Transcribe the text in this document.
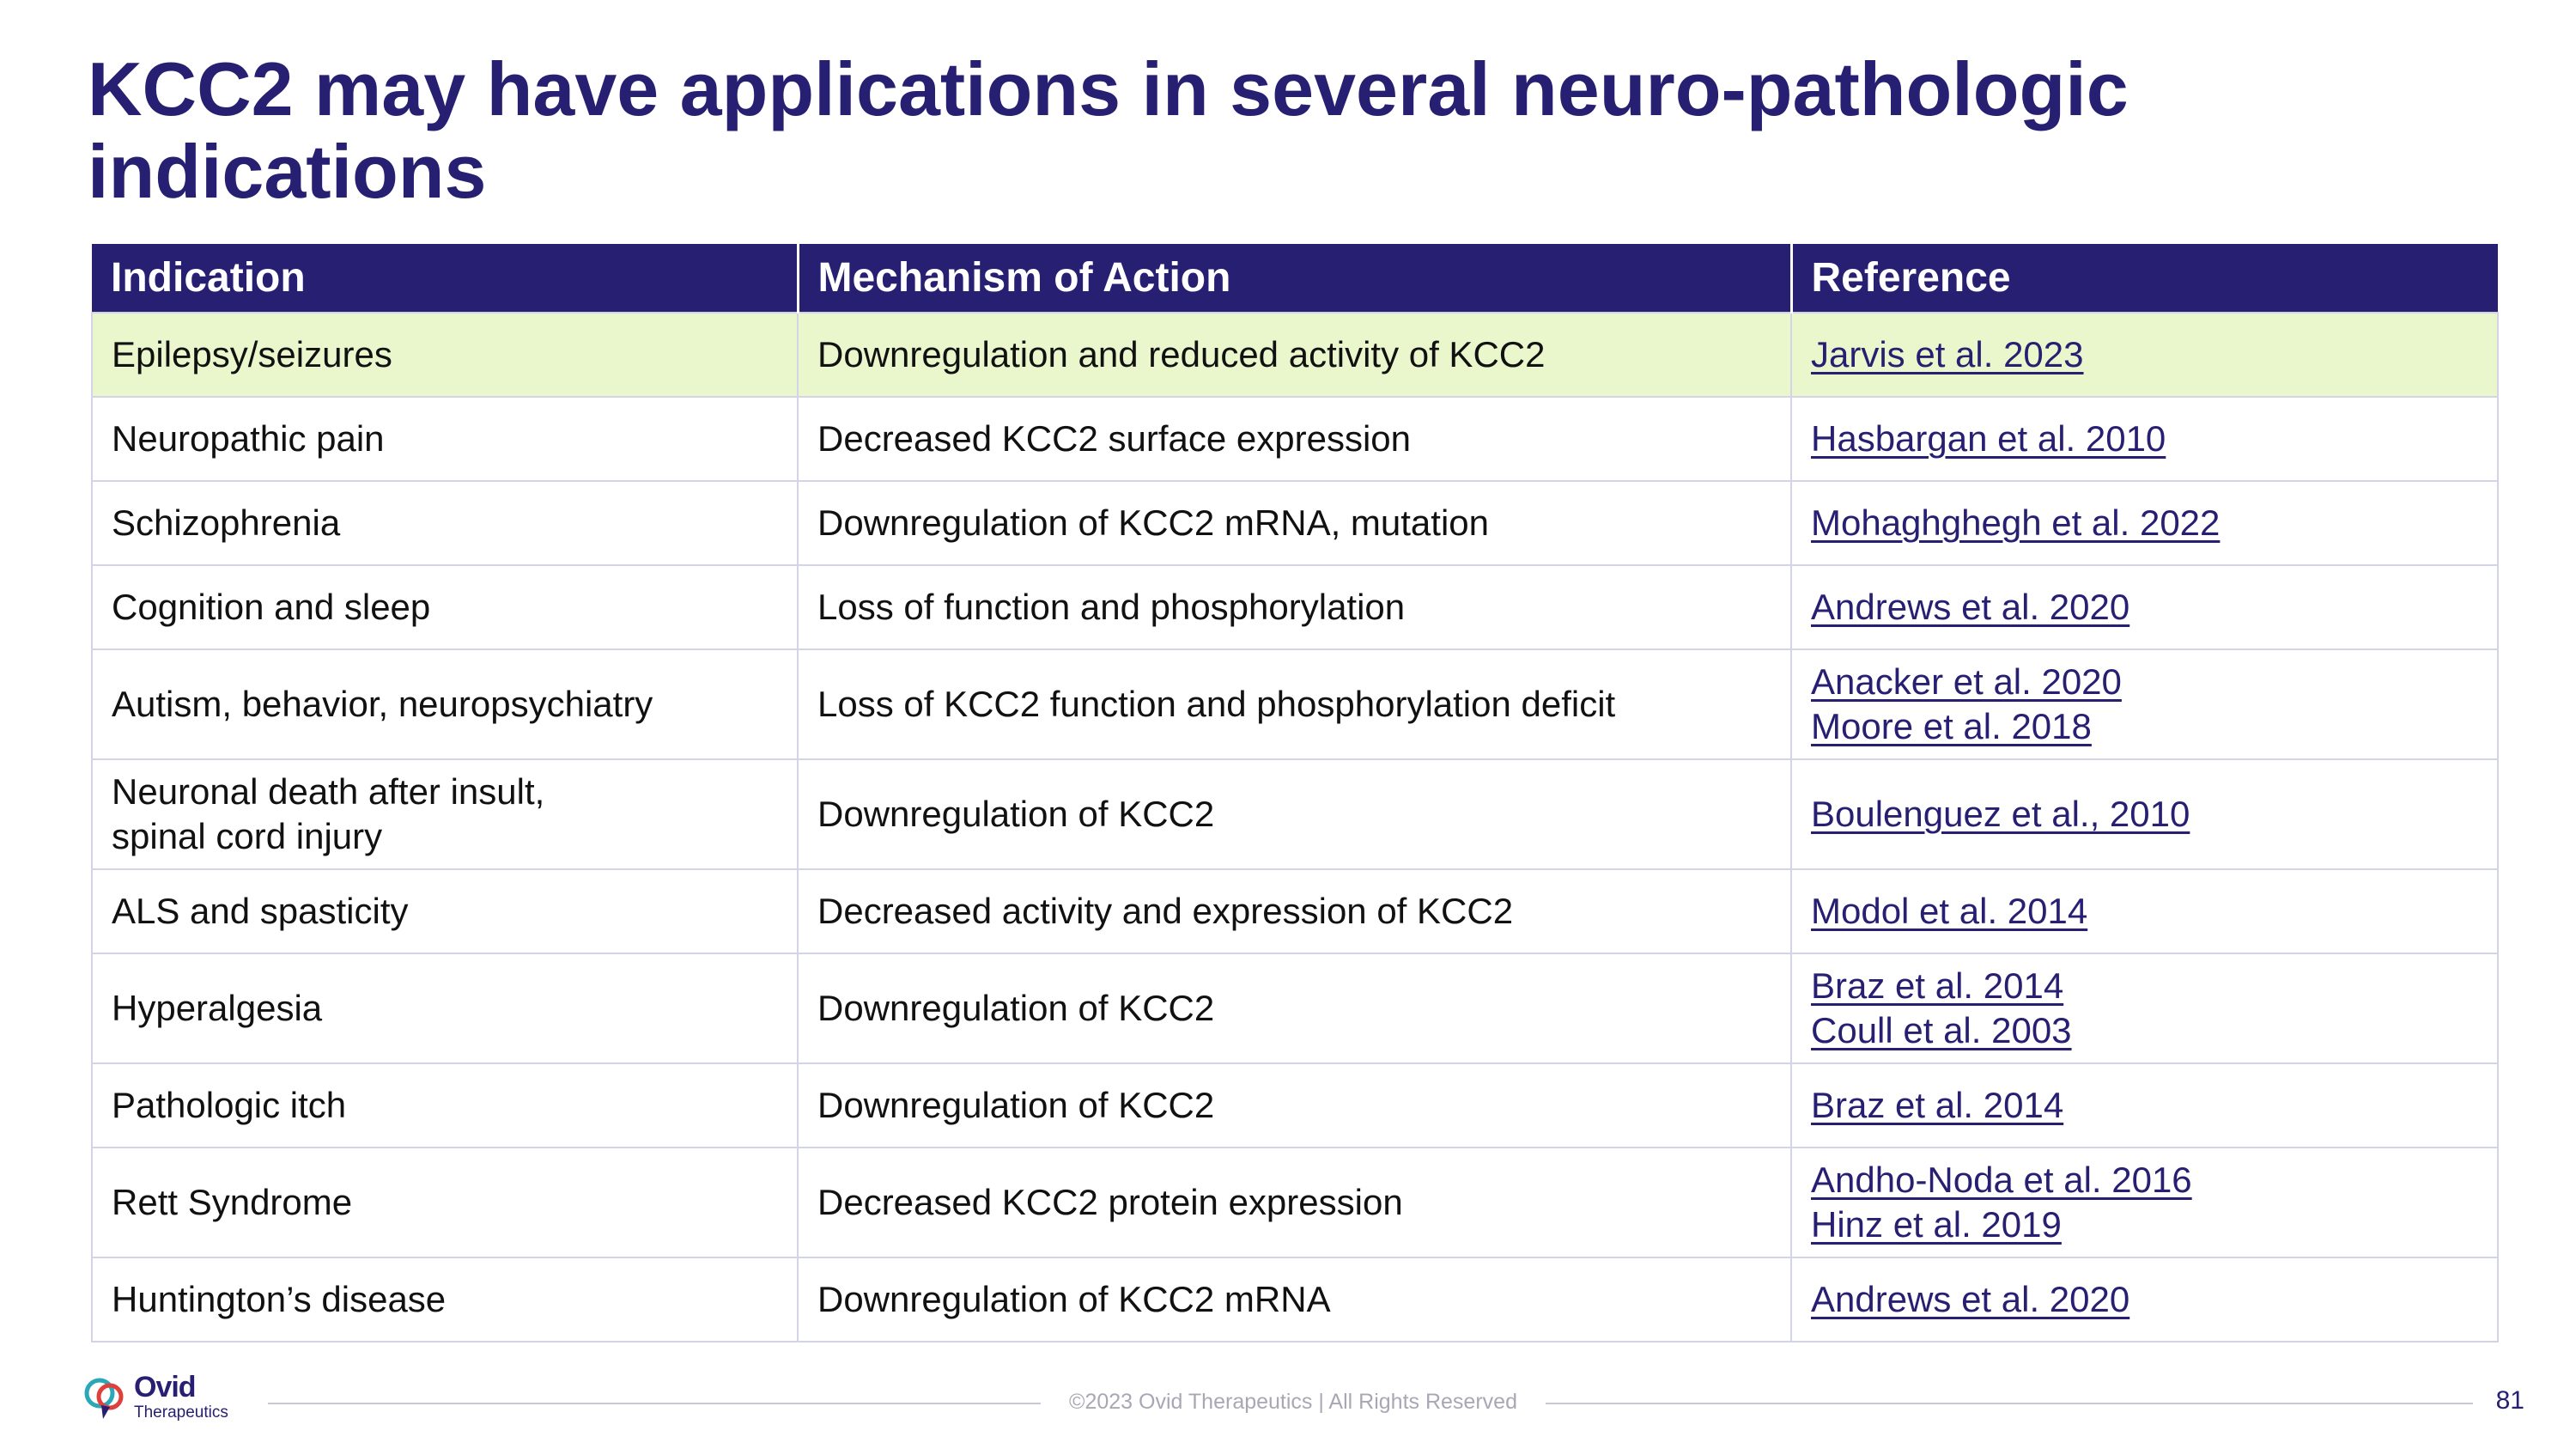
KCC2 may have applications in several neuro-pathologic indications
Indication	Mechanism of Action	Reference
Epilepsy/seizures	Downregulation and reduced activity of KCC2	Jarvis et al. 2023

Neuropathic pain	Decreased KCC2 surface expression	Hasbargan et al. 2010

Schizophrenia	Downregulation of KCC2 mRNA, mutation	Mohaghghegh et al. 2022

Cognition and sleep	Loss of function and phosphorylation	Andrews et al. 2020

Autism, behavior, neuropsychiatry	Loss of KCC2 function and phosphorylation deficit	Anacker et al. 2020
Moore et al. 2018

Neuronal death after insult,
spinal cord injury	Downregulation of KCC2	Boulenguez et al., 2010

ALS and spasticity	Decreased activity and expression of KCC2	Modol et al. 2014

Hyperalgesia	Downregulation of KCC2	Braz et al. 2014
Coull et al. 2003

Pathologic itch	Downregulation of KCC2	Braz et al. 2014

Rett Syndrome	Decreased KCC2 protein expression	Andho-Noda et al. 2016
Hinz et al. 2019

Huntington’s disease	Downregulation of KCC2 mRNA	Andrews et al. 2020
Ovid
Therapeutics	©2023 Ovid Therapeutics | All Rights Reserved	81
